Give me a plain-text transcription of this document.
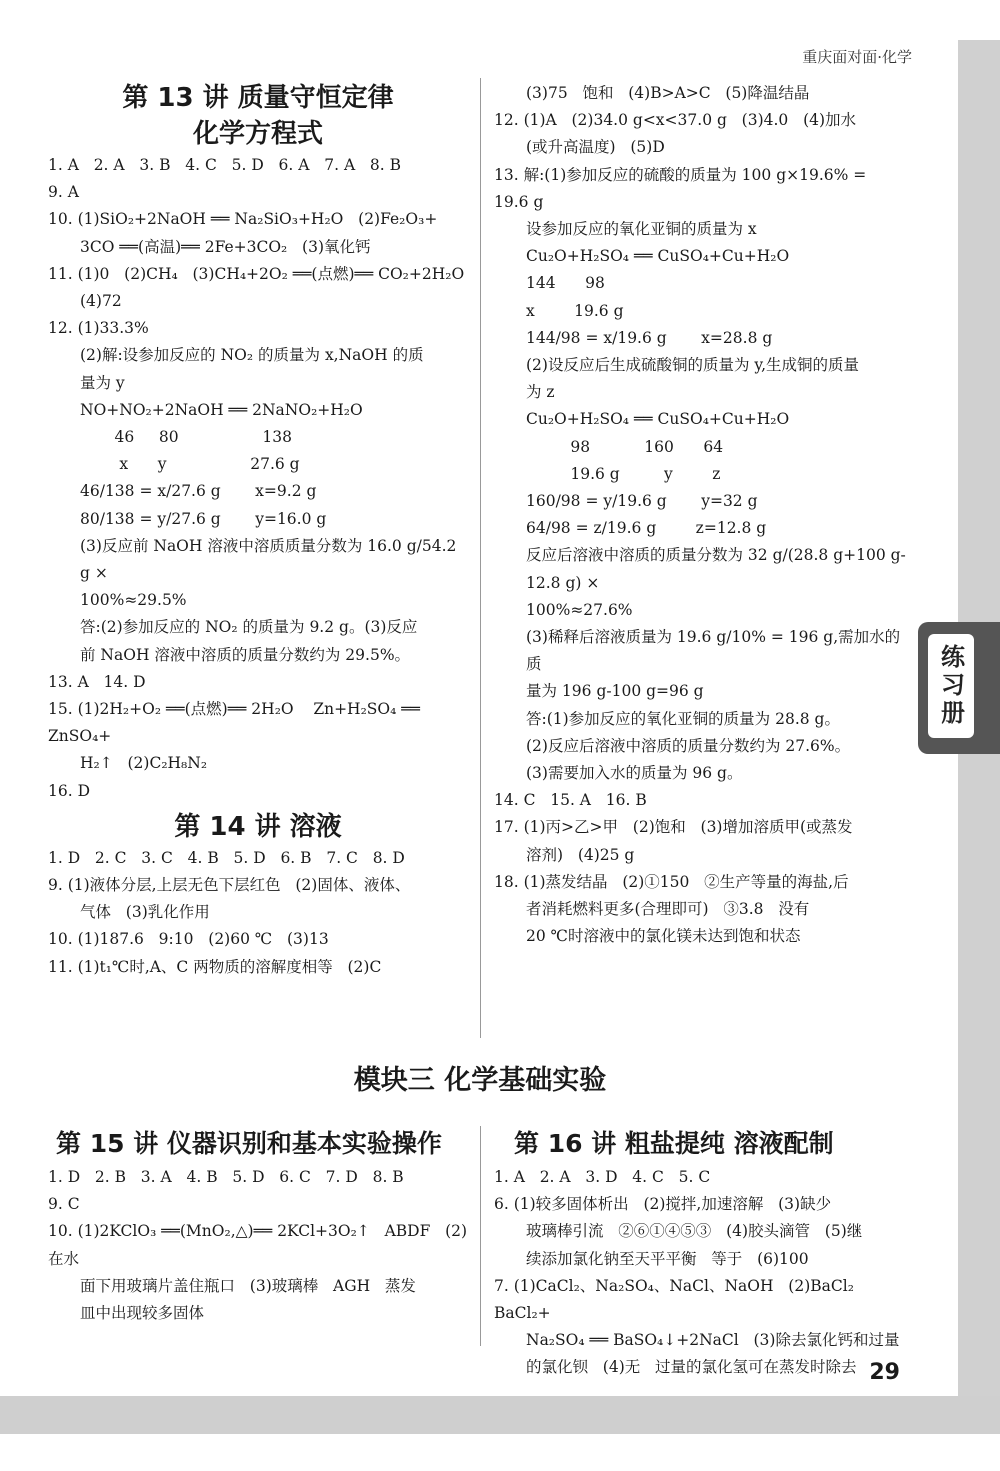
练习册
重庆面对面·化学
第 13 讲 质量守恒定律
化学方程式
1. A   2. A   3. B   4. C   5. D   6. A   7. A   8. B
9. A
10. (1)SiO₂+2NaOH ══ Na₂SiO₃+H₂O   (2)Fe₂O₃+
3CO ══(高温)══ 2Fe+3CO₂   (3)氧化钙
11. (1)0   (2)CH₄   (3)CH₄+2O₂ ══(点燃)══ CO₂+2H₂O
(4)72
12. (1)33.3%
(2)解:设参加反应的 NO₂ 的质量为 x,NaOH 的质
量为 y
NO+NO₂+2NaOH ══ 2NaNO₂+H₂O
46     80                 138
x      y                 27.6 g
46/138 = x/27.6 g       x=9.2 g
80/138 = y/27.6 g       y=16.0 g
(3)反应前 NaOH 溶液中溶质质量分数为 16.0 g/54.2 g ×
100%≈29.5%
答:(2)参加反应的 NO₂ 的质量为 9.2 g。(3)反应
前 NaOH 溶液中溶质的质量分数约为 29.5%。
13. A   14. D
15. (1)2H₂+O₂ ══(点燃)══ 2H₂O    Zn+H₂SO₄ ══ ZnSO₄+
H₂↑   (2)C₂H₈N₂
16. D
第 14 讲 溶液
1. D   2. C   3. C   4. B   5. D   6. B   7. C   8. D
9. (1)液体分层,上层无色下层红色   (2)固体、液体、
气体   (3)乳化作用
10. (1)187.6   9:10   (2)60 ℃   (3)13
11. (1)t₁℃时,A、C 两物质的溶解度相等   (2)C
(3)75   饱和   (4)B>A>C   (5)降温结晶
12. (1)A   (2)34.0 g<x<37.0 g   (3)4.0   (4)加水
(或升高温度)   (5)D
13. 解:(1)参加反应的硫酸的质量为 100 g×19.6% =
19.6 g
设参加反应的氧化亚铜的质量为 x
Cu₂O+H₂SO₄ ══ CuSO₄+Cu+H₂O
144      98
x        19.6 g
144/98 = x/19.6 g       x=28.8 g
(2)设反应后生成硫酸铜的质量为 y,生成铜的质量
为 z
Cu₂O+H₂SO₄ ══ CuSO₄+Cu+H₂O
98           160      64
19.6 g         y        z
160/98 = y/19.6 g       y=32 g
64/98 = z/19.6 g        z=12.8 g
反应后溶液中溶质的质量分数为 32 g/(28.8 g+100 g-12.8 g) ×
100%≈27.6%
(3)稀释后溶液质量为 19.6 g/10% = 196 g,需加水的质
量为 196 g-100 g=96 g
答:(1)参加反应的氧化亚铜的质量为 28.8 g。
(2)反应后溶液中溶质的质量分数约为 27.6%。
(3)需要加入水的质量为 96 g。
14. C   15. A   16. B
17. (1)丙>乙>甲   (2)饱和   (3)增加溶质甲(或蒸发
溶剂)   (4)25 g
18. (1)蒸发结晶   (2)①150   ②生产等量的海盐,后
者消耗燃料更多(合理即可)   ③3.8   没有
20 ℃时溶液中的氯化镁未达到饱和状态
模块三 化学基础实验
第 15 讲 仪器识别和基本实验操作	第 16 讲 粗盐提纯 溶液配制
1. D   2. B   3. A   4. B   5. D   6. C   7. D   8. B
9. C
10. (1)2KClO₃ ══(MnO₂,△)══ 2KCl+3O₂↑   ABDF   (2)在水
面下用玻璃片盖住瓶口   (3)玻璃棒   AGH   蒸发
皿中出现较多固体
1. A   2. A   3. D   4. C   5. C
6. (1)较多固体析出   (2)搅拌,加速溶解   (3)缺少
玻璃棒引流   ②⑥①④⑤③   (4)胶头滴管   (5)继
续添加氯化钠至天平平衡   等于   (6)100
7. (1)CaCl₂、Na₂SO₄、NaCl、NaOH   (2)BaCl₂   BaCl₂+
Na₂SO₄ ══ BaSO₄↓+2NaCl   (3)除去氯化钙和过量
的氯化钡   (4)无   过量的氯化氢可在蒸发时除去 29
